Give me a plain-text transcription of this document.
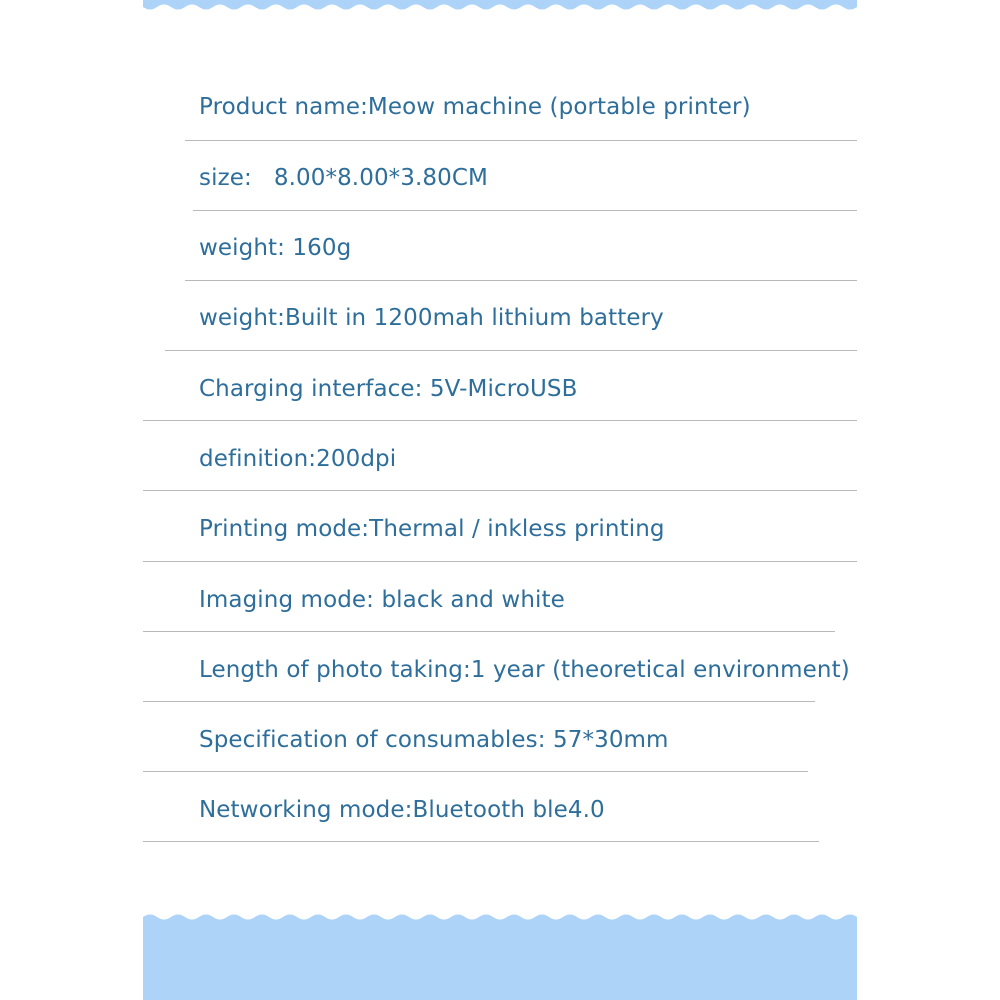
Product name:Meow machine (portable printer)
size: 8.00*8.00*3.80CM
weight: 160g
weight:Built in 1200mah lithium battery
Charging interface: 5V-MicroUSB
definition:200dpi
Printing mode:Thermal / inkless printing
Imaging mode: black and white
Length of photo taking:1 year (theoretical environment)
Specification of consumables: 57*30mm
Networking mode:Bluetooth ble4.0
